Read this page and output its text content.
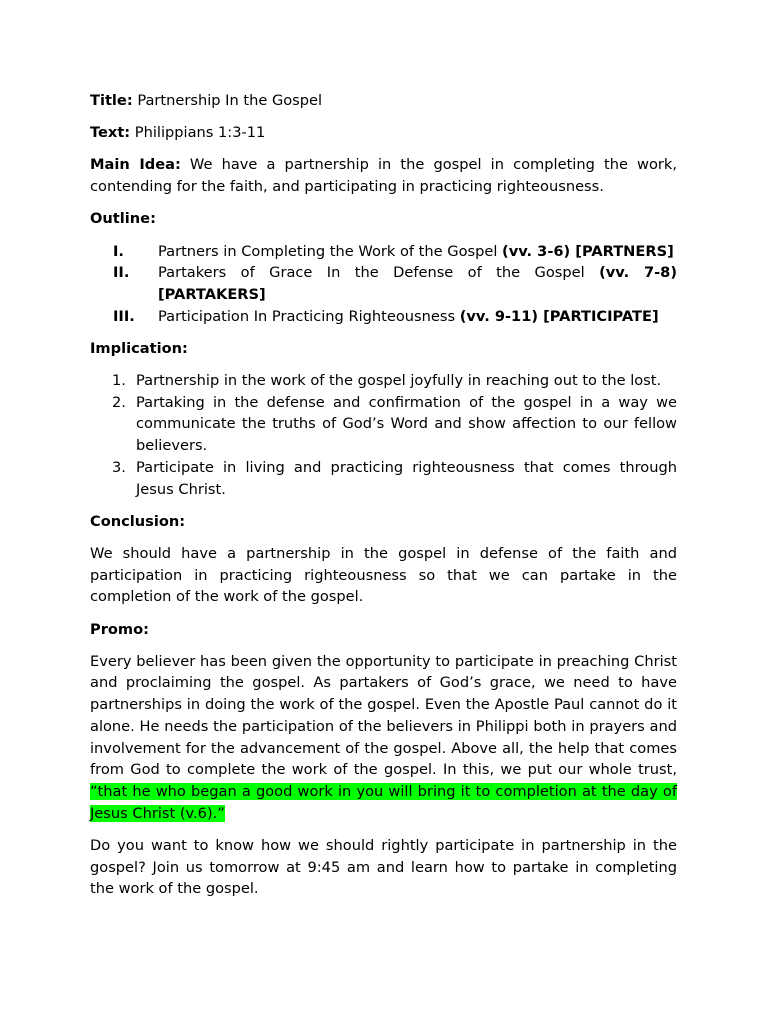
Title: Partnership In the Gospel

Text: Philippians 1:3-11

Main Idea: We have a partnership in the gospel in completing the work, contending for the faith, and participating in practicing righteousness.

Outline:

I. Partners in Completing the Work of the Gospel (vv. 3-6) [PARTNERS]
II. Partakers of Grace In the Defense of the Gospel (vv. 7-8) [PARTAKERS]
III. Participation In Practicing Righteousness (vv. 9-11) [PARTICIPATE]

Implication:

1. Partnership in the work of the gospel joyfully in reaching out to the lost.
2. Partaking in the defense and confirmation of the gospel in a way we communicate the truths of God’s Word and show affection to our fellow believers.
3. Participate in living and practicing righteousness that comes through Jesus Christ.

Conclusion:

We should have a partnership in the gospel in defense of the faith and participation in practicing righteousness so that we can partake in the completion of the work of the gospel.

Promo:

Every believer has been given the opportunity to participate in preaching Christ and proclaiming the gospel. As partakers of God’s grace, we need to have partnerships in doing the work of the gospel. Even the Apostle Paul cannot do it alone. He needs the participation of the believers in Philippi both in prayers and involvement for the advancement of the gospel. Above all, the help that comes from God to complete the work of the gospel. In this, we put our whole trust, “that he who began a good work in you will bring it to completion at the day of Jesus Christ (v.6).”

Do you want to know how we should rightly participate in partnership in the gospel? Join us tomorrow at 9:45 am and learn how to partake in completing the work of the gospel.
